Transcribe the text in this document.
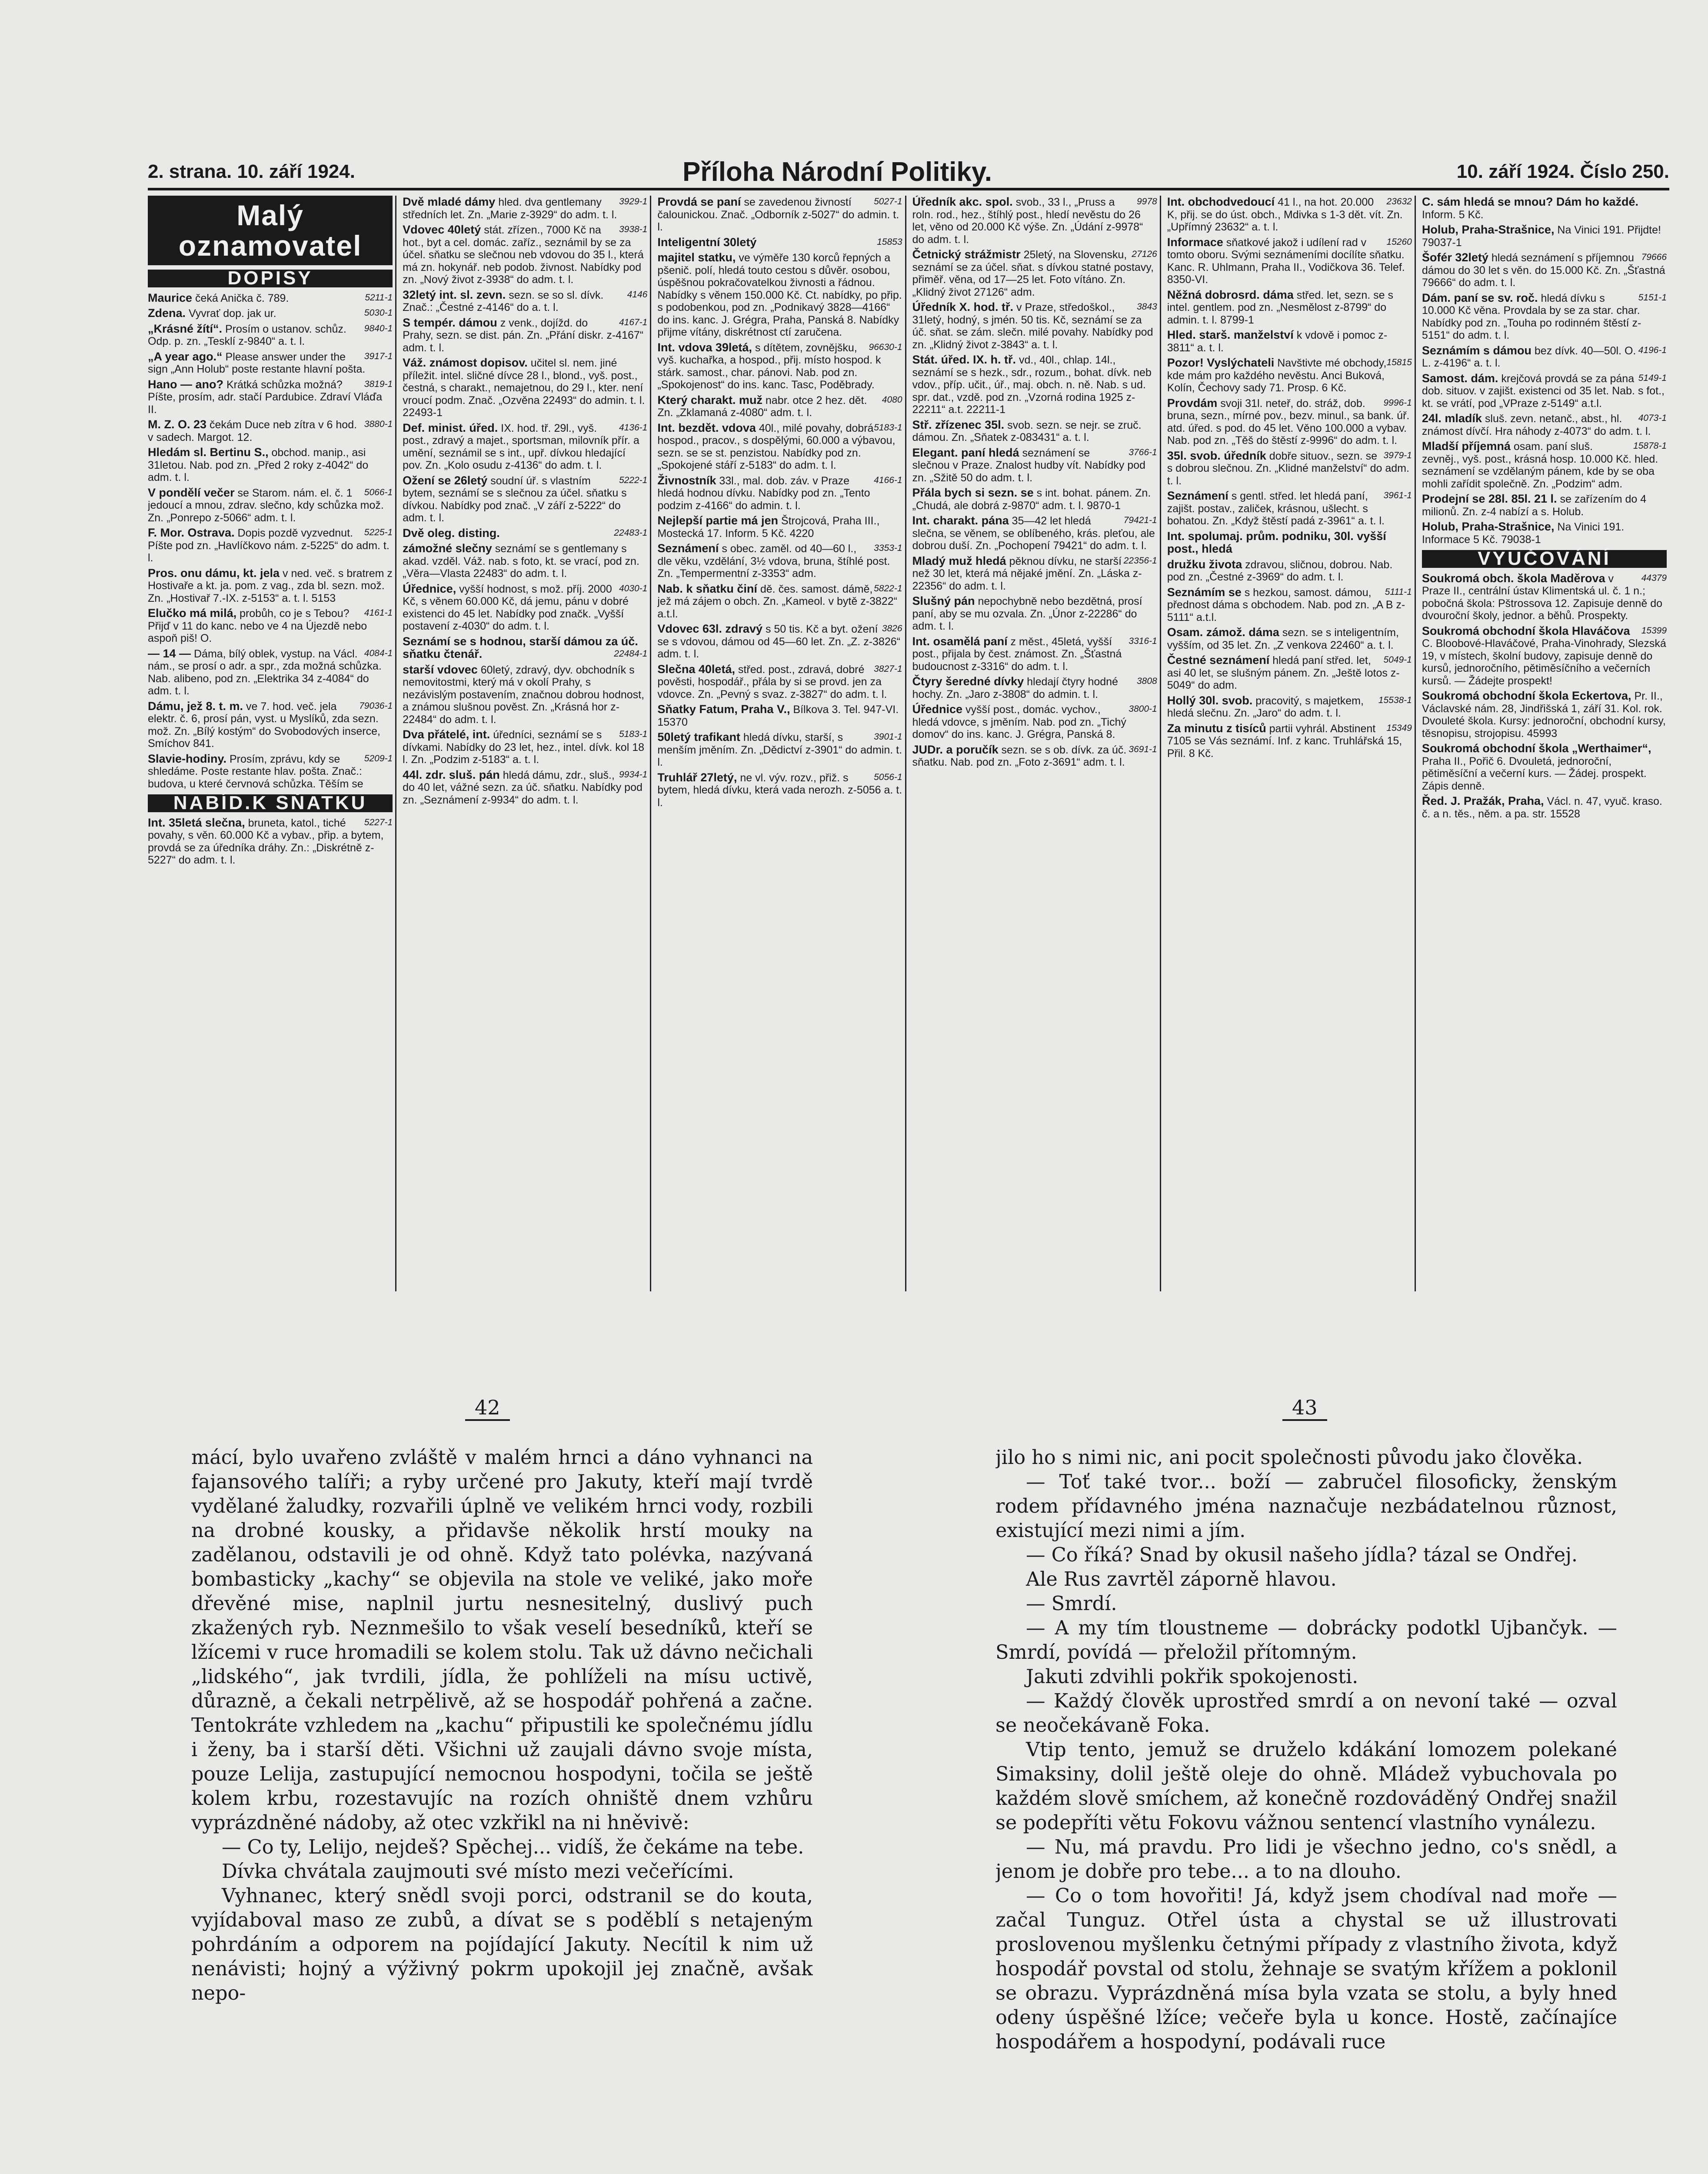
2. strana. 10. září 1924.	Příloha Národní Politiky.	10. září 1924. Číslo 250.
Malý
oznamovatel
DOPISY
Maurice	5211-1
čeká Anička č. 789.
Zdena.	5030-1
Vyvrať dop. jak ur.
„Krásné žítí“.	9840-1
Prosím o ustanov. schůz. Odp. p. zn. „Tesklí z-9840“ a. t. l.
„A year ago.“	3917-1
Please answer under the sign „Ann Holub“ poste restante hlavní pošta.
Hano — ano?	3819-1
Krátká schůzka možná? Píšte, prosím, adr. stačí Pardubice. Zdraví Vláďa II.
M. Z. O. 23	3880-1
čekám Duce neb zítra v 6 hod. v sadech. Margot. 12.
Hledám sl. Bertinu S., obchod. manip., asi 31letou. Nab. pod zn. „Před 2 roky z-4042“ do adm. t. l.
V pondělí večer	5066-1
se Starom. nám. el. č. 1 jedoucí a mnou, zdrav. slečno, kdy schůzka mož. Zn. „Ponrepo z-5066“ adm. t. l.
F. Mor. Ostrava.	5225-1
Dopis pozdě vyzvednut. Píšte pod zn. „Havlíčkovo nám. z-5225“ do adm. t. l.
Pros. onu dámu, kt. jela v ned. več. s bratrem z Hostivaře a kt. ja. pom. z vag., zda bl. sezn. mož. Zn. „Hostivař 7.-IX. z-5153“ a. t. l. 5153
Elučko má milá,	4161-1
probůh, co je s Tebou? Přijď v 11 do kanc. nebo ve 4 na Újezdě nebo aspoň piš! O.
— 14 —	4084-1
Dáma, bílý oblek, vystup. na Václ. nám., se prosí o adr. a spr., zda možná schůzka. Nab. alibeno, pod zn. „Elektrika 34 z-4084“ do adm. t. l.
Dámu, jež 8. t. m.	79036-1
ve 7. hod. več. jela elektr. č. 6, prosí pán, vyst. u Myslíků, zda sezn. mož. Zn. „Bílý kostým“ do Svobodových inserce, Smíchov 841.
Slavie-hodiny.	5209-1
Prosím, zprávu, kdy se shledáme. Poste restante hlav. pošta. Znač.: budova, u které červnová schůzka. Těším se
NABÍD.K SŇATKU
Int. 35letá slečna,	5227-1
bruneta, katol., tiché povahy, s věn. 60.000 Kč a vybav., přip. a bytem, provdá se za úředníka dráhy. Zn.: „Diskrétně z-5227“ do adm. t. l.
Dvě mladé dámy	3929-1
hled. dva gentlemany středních let. Zn. „Marie z-3929“ do adm. t. l.
Vdovec 40letý	3938-1
stát. zřízen., 7000 Kč na hot., byt a cel. domác. zaříz., seznámil by se za účel. sňatku se slečnou neb vdovou do 35 l., která má zn. hokynář. neb podob. živnost. Nabídky pod zn. „Nový život z-3938“ do adm. t. l.
32letý int. sl. zevn.	4146
sezn. se so sl. dívk. Znač.: „Čestné z-4146“ do a. t. l.
S tempér. dámou	4167-1
z venk., dojížd. do Prahy, sezn. se dist. pán. Zn. „Přání diskr. z-4167“ adm. t. l.
Váž. známost dopisov. učitel sl. nem. jiné příležit. intel. sličné dívce 28 l., blond., vyš. post., čestná, s charakt., nemajetnou, do 29 l., kter. není vroucí podm. Znač. „Ozvěna 22493“ do admin. t. l. 22493-1
Def. minist. úřed.	4136-1
IX. hod. tř. 29l., vyš. post., zdravý a majet., sportsman, milovník přír. a umění, seznámil se s int., upř. dívkou hledající pov. Zn. „Kolo osudu z-4136“ do adm. t. l.
Ožení se 26letý	5222-1
soudní úř. s vlastním bytem, seznámí se s slečnou za účel. sňatku s dívkou. Nabídky pod znač. „V září z-5222“ do adm. t. l.
Dvě oleg. disting.	22483-1
zámožné slečny seznámí se s gentlemany s akad. vzděl. Váž. nab. s foto, kt. se vrací, pod zn. „Věra—Vlasta 22483“ do adm. t. l.
Úřednice,	4030-1
vyšší hodnost, s mož. příj. 2000 Kč, s věnem 60.000 Kč, dá jemu, pánu v dobré existenci do 45 let. Nabídky pod značk. „Vyšší postavení z-4030“ do adm. t. l.
Seznámí se s hodnou, starší dámou za úč. sňatku čtenář.	22484-1
starší vdovec 60letý, zdravý, dyv. obchodník s nemovitostmi, který má v okolí Prahy, s nezávislým postavením, značnou dobrou hodnost, a známou slušnou pověst. Zn. „Krásná hor z-22484“ do adm. t. l.
Dva přátelé, int.	5183-1
úředníci, seznámí se s dívkami. Nabídky do 23 let, hez., intel. dívk. kol 18 l. Zn. „Podzim z-5183“ a. t. l.
44l. zdr. sluš. pán	9934-1
hledá dámu, zdr., sluš., do 40 let, vážné sezn. za úč. sňatku. Nabídky pod zn. „Seznámení z-9934“ do adm. t. l.
Provdá se paní	5027-1
se zavedenou živností čalounickou. Znač. „Odborník z-5027“ do admin. t. l.
Inteligentní 30letý	15853
majitel statku, ve výměře 130 korců řepných a pšenič. polí, hledá touto cestou s důvěr. osobou, úspěšnou pokračovatelkou živnosti a řádnou. Nabídky s věnem 150.000 Kč. Ct. nabídky, po přip. s podobenkou, pod zn. „Podnikavý 3828—4166“ do ins. kanc. J. Grégra, Praha, Panská 8. Nabídky přijme vítány, diskrétnost ctí zaručena.
Int. vdova 39letá,	96630-1
s dítětem, zovnějšku, vyš. kuchařka, a hospod., přij. místo hospod. k stárk. samost., char. pánovi. Nab. pod zn. „Spokojenost“ do ins. kanc. Tasc, Poděbrady.
Který charakt. muž	4080
nabr. otce 2 hez. dět. Zn. „Zklamaná z-4080“ adm. t. l.
Int. bezdět. vdova	5183-1
40l., milé povahy, dobrá hospod., pracov., s dospělými, 60.000 a výbavou, sezn. se se st. penzistou. Nabídky pod zn. „Spokojené stáří z-5183“ do adm. t. l.
Živnostník	4166-1
33l., mal. dob. záv. v Praze hledá hodnou dívku. Nabídky pod zn. „Tento podzim z-4166“ do admin. t. l.
Nejlepší partie má jen Štrojcová, Praha III., Mostecká 17. Inform. 5 Kč. 4220
Seznámení	3353-1
s obec. zaměl. od 40—60 l., dle věku, vzdělání, 3½ vdova, bruna, štíhlé post. Zn. „Tempermentní z-3353“ adm.
Nab. k sňatku činí	5822-1
dě. čes. samost. dámě, jež má zájem o obch. Zn. „Kameol. v bytě z-3822“ a.t.l.
Vdovec 63l. zdravý	3826
s 50 tis. Kč a byt. ožení se s vdovou, dámou od 45—60 let. Zn. „Z. z-3826“ adm. t. l.
Slečna 40letá,	3827-1
střed. post., zdravá, dobré pověsti, hospodář., přála by si se provd. jen za vdovce. Zn. „Pevný s svaz. z-3827“ do adm. t. l.
Sňatky Fatum, Praha V., Bílkova 3. Tel. 947-VI. 15370
50letý trafikant	3901-1
hledá dívku, starší, s menším jměním. Zn. „Dědictví z-3901“ do admin. t. l.
Truhlář 27letý,	5056-1
ne vl. výv. rozv., přiž. s bytem, hledá dívku, která vada nerozh. z-5056 a. t. l.
Úředník akc. spol.	9978
svob., 33 l., „Pruss a roln. rod., hez., štíhlý post., hledí nevěstu do 26 let, věno od 20.000 Kč výše. Zn. „Údání z-9978“ do adm. t. l.
Četnický strážmistr	27126
25letý, na Slovensku, seznámí se za účel. sňat. s dívkou statné postavy, přiměř. věna, od 17—25 let. Foto vítáno. Zn. „Klidný život 27126“ adm.
Úředník X. hod. tř.	3843
v Praze, středoškol., 31letý, hodný, s jmén. 50 tis. Kč, seznámí se za úč. sňat. se zám. slečn. milé povahy. Nabídky pod zn. „Klidný život z-3843“ a. t. l.
Stát. úřed. IX. h. tř. vd., 40l., chlap. 14l., seznámí se s hezk., sdr., rozum., bohat. dívk. neb vdov., příp. učit., úř., maj. obch. n. ně. Nab. s ud. spr. dat., vzdě. pod zn. „Vzorná rodina 1925 z-22211“ a.t. 22211-1
Stř. zřízenec 35l. svob. sezn. se nejr. se zruč. dámou. Zn. „Sňatek z-083431“ a. t. l.
Elegant. paní hledá	3766-1
seznámení se slečnou v Praze. Znalost hudby vít. Nabídky pod zn. „Sžitě 50 do adm. t. l.
Přála bych si sezn. se s int. bohat. pánem. Zn. „Chudá, ale dobrá z-9870“ adm. t. l. 9870-1
Int. charakt. pána	79421-1
35—42 let hledá slečna, se věnem, se oblíbeného, krás. pleťou, ale dobrou duší. Zn. „Pochopení 79421“ do adm. t. l.
Mladý muž hledá	22356-1
pěknou dívku, ne starší než 30 let, která má nějaké jmění. Zn. „Láska z-22356“ do adm. t. l.
Slušný pán nepochybně nebo bezdětná, prosí paní, aby se mu ozvala. Zn. „Únor z-22286“ do adm. t. l.
Int. osamělá paní	3316-1
z měst., 45letá, vyšší post., přijala by čest. známost. Zn. „Šťastná budoucnost z-3316“ do adm. t. l.
Čtyry šeredné dívky	3808
hledají čtyry hodné hochy. Zn. „Jaro z-3808“ do admin. t. l.
Úřednice	3800-1
vyšší post., domác. vychov., hledá vdovce, s jměním. Nab. pod zn. „Tichý domov“ do ins. kanc. J. Grégra, Panská 8.
JUDr. a poručík	3691-1
sezn. se s ob. dívk. za úč. sňatku. Nab. pod zn. „Foto z-3691“ adm. t. l.
Int. obchodvedoucí	23632
41 l., na hot. 20.000 K, přij. se do úst. obch., Mdivka s 1-3 dět. vít. Zn. „Upřímný 23632“ a. t. l.
Informace	15260
sňatkové jakož i udílení rad v tomto oboru. Svými seznámeními docílíte sňatku. Kanc. R. Uhlmann, Praha II., Vodičkova 36. Telef. 8350-VI.
Něžná dobrosrd. dáma střed. let, sezn. se s intel. gentlem. pod zn. „Nesmělost z-8799“ do admin. t. l. 8799-1
Hled. starš. manželství k vdově i pomoc z-3811“ a. t. l.
Pozor! Vyslýchateli	15815
Navštivte mé obchody, kde mám pro každého nevěstu. Anci Buková, Kolín, Čechovy sady 71. Prosp. 6 Kč.
Provdám	9996-1
svoji 31l. neteř, do. stráž, dob. bruna, sezn., mírné pov., bezv. minul., sa bank. úř. atd. úřed. s pod. do 45 let. Věno 100.000 a vybav. Nab. pod zn. „Těš do štěstí z-9996“ do adm. t. l.
35l. svob. úředník	3979-1
dobře situov., sezn. se s dobrou slečnou. Zn. „Klidné manželství“ do adm. t. l.
Seznámení	3961-1
s gentl. střed. let hledá paní, zajišt. postav., zaliček, krásnou, ušlecht. s bohatou. Zn. „Když štěstí padá z-3961“ a. t. l.
Int. spolumaj. prům. podniku, 30l. vyšší post., hledá
družku života zdravou, sličnou, dobrou. Nab. pod zn. „Čestné z-3969“ do adm. t. l.
Seznámím se	5111-1
s hezkou, samost. dámou, přednost dáma s obchodem. Nab. pod zn. „A B z-5111“ a.t.l.
Osam. zámož. dáma sezn. se s inteligentním, vyšším, od 35 let. Zn. „Z venkova 22460“ a. t. l.
Čestné seznámení	5049-1
hledá paní střed. let, asi 40 let, se slušným pánem. Zn. „Ještě lotos z-5049“ do adm.
Hollý 30l. svob.	15538-1
pracovitý, s majetkem, hledá slečnu. Zn. „Jaro“ do adm. t. l.
Za minutu z tisíců	15349
partii vyhrál. Abstinent 7105 se Vás seznámí. Inf. z kanc. Truhlářská 15, Přil. 8 Kč.
C. sám hledá se mnou? Dám ho každé. Inform. 5 Kč.
Holub, Praha-Strašnice, Na Vinici 191. Přijdte! 79037-1
Šofér 32letý	79666
hledá seznámení s příjemnou dámou do 30 let s věn. do 15.000 Kč. Zn. „Šťastná 79666“ do adm. t. l.
Dám. paní se sv. roč.	5151-1
hledá dívku s 10.000 Kč věna. Provdala by se za star. char. Nabídky pod zn. „Touha po rodinném štěstí z-5151“ do adm. t. l.
Seznámím s dámou	4196-1
bez dívk. 40—50l. O. L. z-4196“ a. t. l.
Samost. dám.	5149-1
krejčová provdá se za pána dob. situov. v zajišt. existenci od 35 let. Nab. s fot., kt. se vrátí, pod „VPraze z-5149“ a.t.l.
24l. mladík	4073-1
sluš. zevn. netanč., abst., hl. známost dívčí. Hra náhody z-4073“ do adm. t. l.
Mladší příjemná	15878-1
osam. paní sluš. zevněj., vyš. post., krásná hosp. 10.000 Kč. hled. seznámení se vzdělaným pánem, kde by se oba mohli zařídit společně. Zn. „Podzim“ adm.
Prodejní se 28l. 85l. 21 l. se zařízením do 4 milionů. Zn. z-4 nabízí a s. Holub.
Holub, Praha-Strašnice, Na Vinici 191. Informace 5 Kč. 79038-1
VYUČOVÁNÍ
Soukromá obch. škola Maděrova	44379
v Praze II., centrální ústav Klimentská ul. č. 1 n.; pobočná škola: Pštrossova 12. Zapisuje denně do dvouroční školy, jednor. a běhů. Prospekty.
Soukromá obchodní škola Hlaváčova 15399
C. Bloobové-Hlaváčové, Praha-Vinohrady, Slezská 19, v místech, školní budovy, zapisuje denně do kursů, jednoročního, pětiměsíčního a večerních kursů. — Žádejte prospekt!
Soukromá obchodní škola Eckertova, Pr. II., Václavské nám. 28, Jindřišská 1, září 31. Kol. rok. Dvouleté škola. Kursy: jednoroční, obchodní kursy, těsnopisu, strojopisu. 45993
Soukromá obchodní škola „Werthaimer“, Praha II., Pořič 6. Dvouletá, jednoroční, pětiměsíční a večerní kurs. — Žádej. prospekt. Zápis denně.
Řed. J. Pražák, Praha, Václ. n. 47, vyuč. kraso. č. a n. těs., něm. a pa. str. 15528
42	43

mácí, bylo uvařeno zvláště v malém hrnci a dáno vyhnanci na fajansového talíři; a ryby určené pro Jakuty, kteří mají tvrdě vydělané žaludky, rozvařili úplně ve velikém hrnci vody, rozbili na drobné kousky, a přidavše několik hrstí mouky na zadělanou, odstavili je od ohně. Když tato polévka, nazývaná bombasticky „kachy“ se objevila na stole ve veliké, jako moře dřevěné mise, naplnil jurtu nesnesitelný, duslivý puch zkažených ryb. Neznmešilo to však veselí besedníků, kteří se lžícemi v ruce hromadili se kolem stolu. Tak už dávno nečichali „lidského“, jak tvrdili, jídla, že pohlíželi na mísu uctivě, důrazně, a čekali netrpělivě, až se hospodář pohřená a začne. Tentokráte vzhledem na „kachu“ připustili ke společnému jídlu i ženy, ba i starší děti. Všichni už zaujali dávno svoje místa, pouze Lelija, zastupující nemocnou hospodyni, točila se ještě kolem krbu, rozestavujíc na rozích ohniště dnem vzhůru vyprázdněné nádoby, až otec vzkřikl na ni hněvivě:

— Co ty, Lelijo, nejdeš? Spěchej... vidíš, že čekáme na tebe.

Dívka chvátala zaujmouti své místo mezi večeřícími.

Vyhnanec, který snědl svoji porci, odstranil se do kouta, vyjídaboval maso ze zubů, a dívat se s poděblí s netajeným pohrdáním a odporem na pojídající Jakuty. Necítil k nim už nenávisti; hojný a výživný pokrm upokojil jej značně, avšak nepo-

jilo ho s nimi nic, ani pocit společnosti původu jako člověka.

— Toť také tvor... boží — zabručel filosoficky, ženským rodem přídavného jména naznačuje nezbádatelnou různost, existující mezi nimi a jím.

— Co říká? Snad by okusil našeho jídla? tázal se Ondřej.

Ale Rus zavrtěl záporně hlavou.

— Smrdí.

— A my tím tloustneme — dobrácky podotkl Ujbančyk. — Smrdí, povídá — přeložil přítomným.

Jakuti zdvihli pokřik spokojenosti.

— Každý člověk uprostřed smrdí a on nevoní také — ozval se neočekávaně Foka.

Vtip tento, jemuž se druželo kdákání lomozem polekané Simaksiny, dolil ještě oleje do ohně. Mládež vybuchovala po každém slově smíchem, až konečně rozdováděný Ondřej snažil se podepříti větu Fokovu vážnou sentencí vlastního vynálezu.

— Nu, má pravdu. Pro lidi je všechno jedno, co's snědl, a jenom je dobře pro tebe... a to na dlouho.

— Co o tom hovořiti! Já, když jsem chodíval nad moře — začal Tunguz. Otřel ústa a chystal se už illustrovati proslovenou myšlenku četnými případy z vlastního života, když hospodář povstal od stolu, žehnaje se svatým křížem a poklonil se obrazu. Vyprázdněná mísa byla vzata se stolu, a byly hned odeny úspěšné lžíce; večeře byla u konce. Hostě, začínajíce hospodářem a hospodyní, podávali ruce
